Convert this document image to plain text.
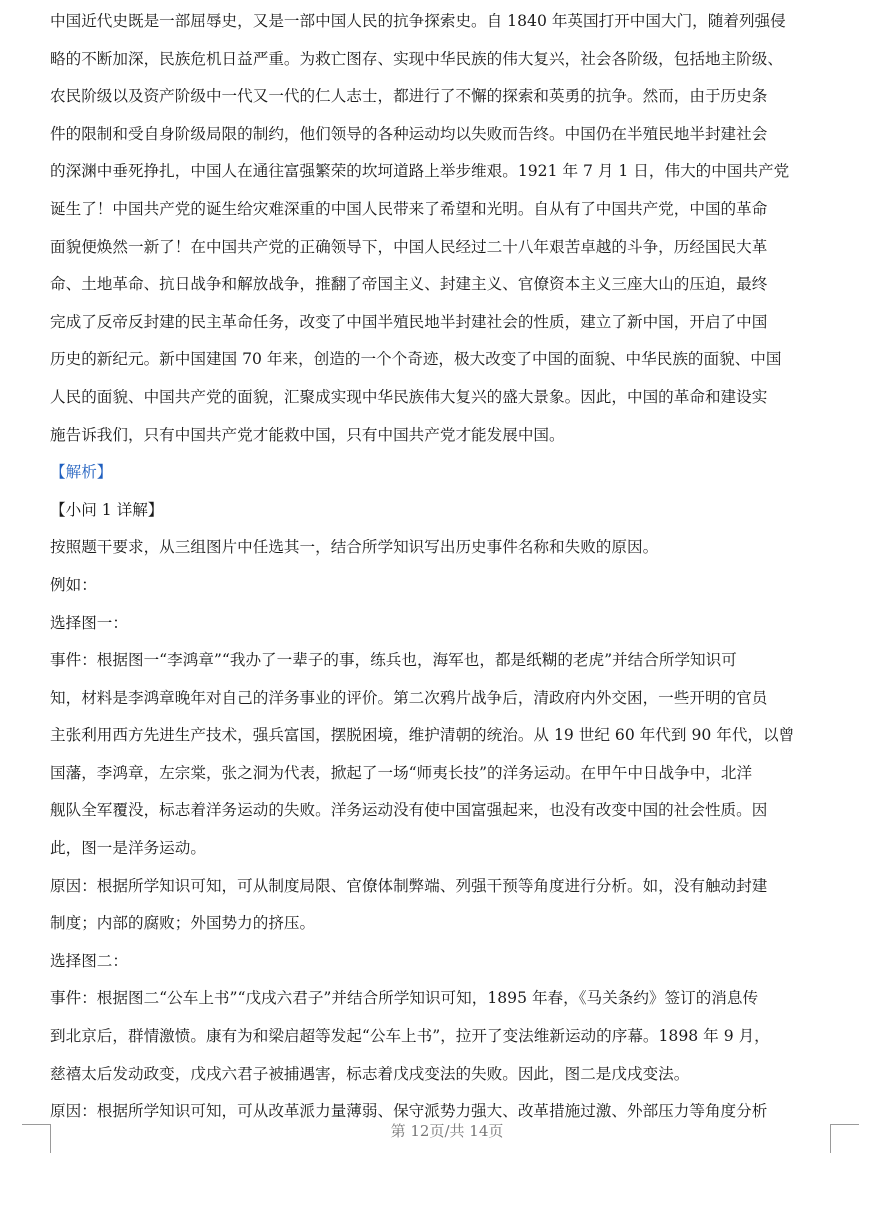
中国近代史既是一部屈辱史，又是一部中国人民的抗争探索史。自 1840 年英国打开中国大门，随着列强侵
略的不断加深，民族危机日益严重。为救亡图存、实现中华民族的伟大复兴，社会各阶级，包括地主阶级、
农民阶级以及资产阶级中一代又一代的仁人志士，都进行了不懈的探索和英勇的抗争。然而，由于历史条
件的限制和受自身阶级局限的制约，他们领导的各种运动均以失败而告终。中国仍在半殖民地半封建社会
的深渊中垂死挣扎，中国人在通往富强繁荣的坎坷道路上举步维艰。1921 年 7 月 1 日，伟大的中国共产党
诞生了！中国共产党的诞生给灾难深重的中国人民带来了希望和光明。自从有了中国共产党，中国的革命
面貌便焕然一新了！在中国共产党的正确领导下，中国人民经过二十八年艰苦卓越的斗争，历经国民大革
命、土地革命、抗日战争和解放战争，推翻了帝国主义、封建主义、官僚资本主义三座大山的压迫，最终
完成了反帝反封建的民主革命任务，改变了中国半殖民地半封建社会的性质，建立了新中国，开启了中国
历史的新纪元。新中国建国 70 年来，创造的一个个奇迹，极大改变了中国的面貌、中华民族的面貌、中国
人民的面貌、中国共产党的面貌，汇聚成实现中华民族伟大复兴的盛大景象。因此，中国的革命和建设实
施告诉我们，只有中国共产党才能救中国，只有中国共产党才能发展中国。
【解析】
【小问 1 详解】
按照题干要求，从三组图片中任选其一，结合所学知识写出历史事件名称和失败的原因。
例如：
选择图一：
事件：根据图一“李鸿章”“我办了一辈子的事，练兵也，海军也，都是纸糊的老虎”并结合所学知识可
知，材料是李鸿章晚年对自己的洋务事业的评价。第二次鸦片战争后，清政府内外交困，一些开明的官员
主张利用西方先进生产技术，强兵富国，摆脱困境，维护清朝的统治。从 19 世纪 60 年代到 90 年代，以曾
国藩，李鸿章，左宗棠，张之洞为代表，掀起了一场“师夷长技”的洋务运动。在甲午中日战争中，北洋
舰队全军覆没，标志着洋务运动的失败。洋务运动没有使中国富强起来，也没有改变中国的社会性质。因
此，图一是洋务运动。
原因：根据所学知识可知，可从制度局限、官僚体制弊端、列强干预等角度进行分析。如，没有触动封建
制度；内部的腐败；外国势力的挤压。
选择图二：
事件：根据图二“公车上书”“戊戌六君子”并结合所学知识可知，1895 年春，《马关条约》签订的消息传
到北京后，群情激愤。康有为和梁启超等发起“公车上书”，拉开了变法维新运动的序幕。1898 年 9 月，
慈禧太后发动政变，戊戌六君子被捕遇害，标志着戊戌变法的失败。因此，图二是戊戌变法。
原因：根据所学知识可知，可从改革派力量薄弱、保守派势力强大、改革措施过激、外部压力等角度分析
第 12页/共 14页
